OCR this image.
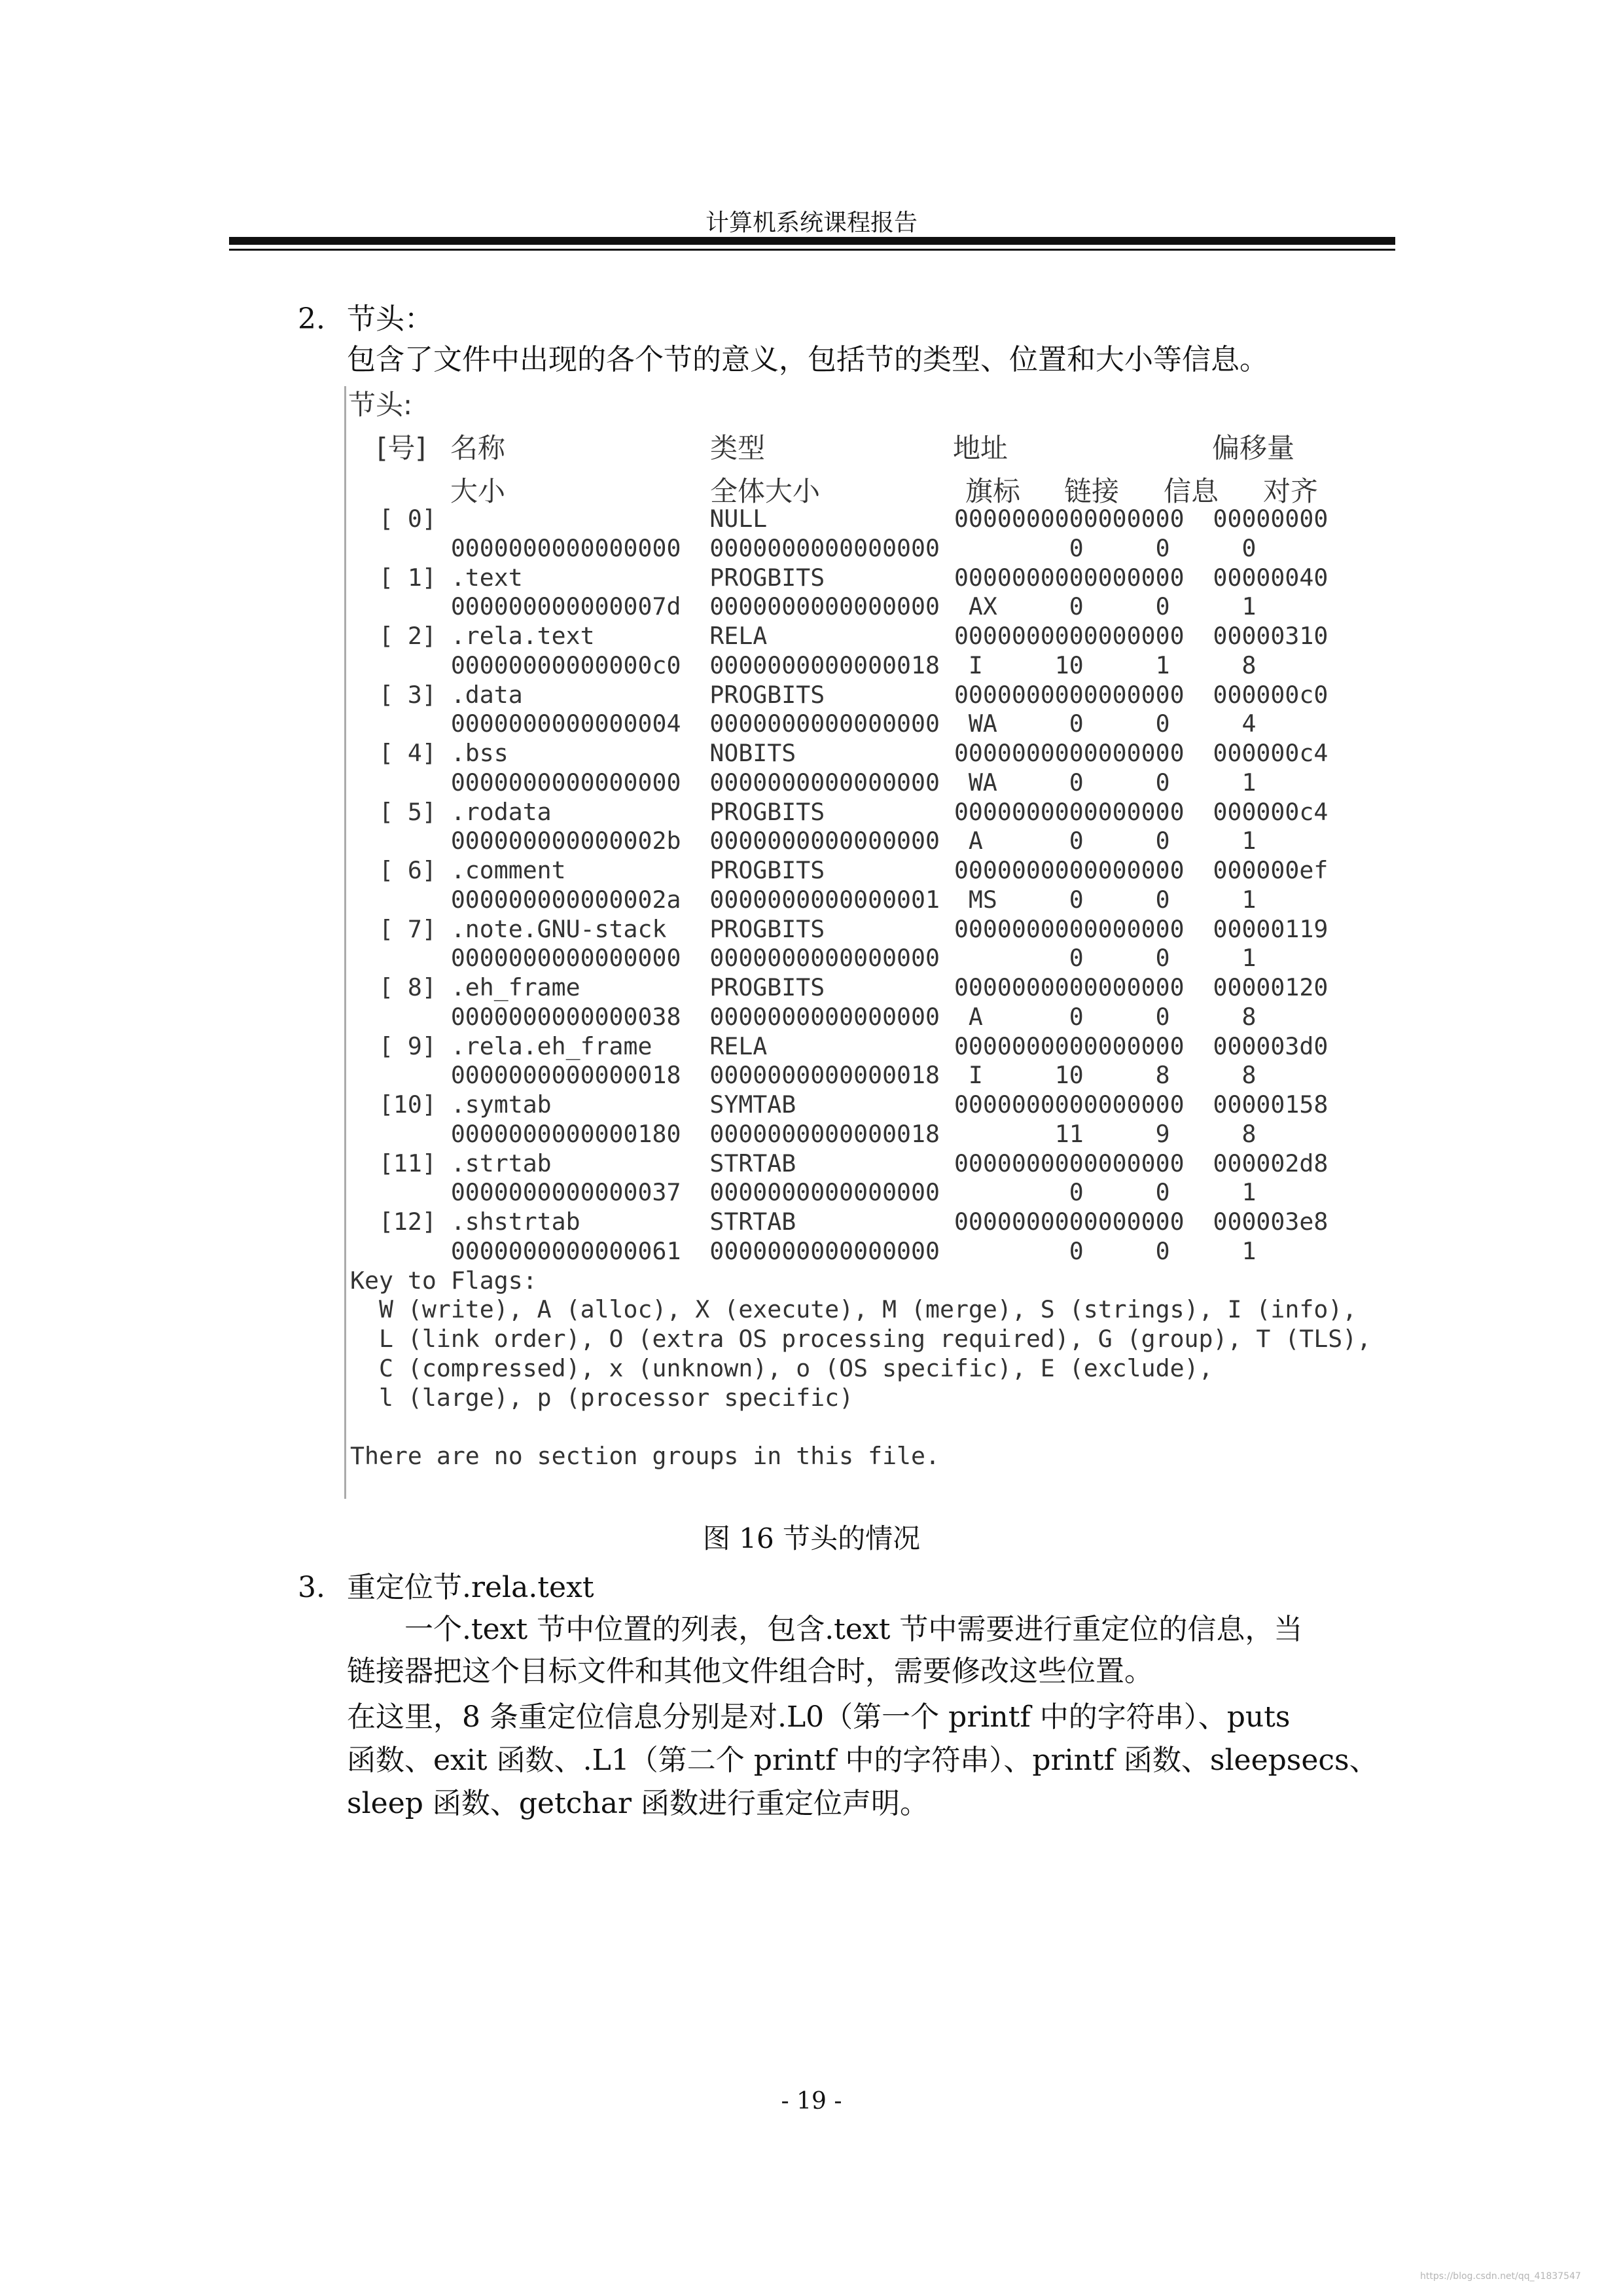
计算机系统课程报告
2. 节头：
包含了文件中出现的各个节的意义，包括节的类型、位置和大小等信息。
节头:
[号] 名称	类型	地址	偏移量
大小	全体大小	旗标 链接 信息 对齐
[ 0]                   NULL             0000000000000000  00000000
0000000000000000  0000000000000000         0     0     0
[ 1] .text             PROGBITS         0000000000000000  00000040
000000000000007d  0000000000000000  AX     0     0     1
[ 2] .rela.text        RELA             0000000000000000  00000310
00000000000000c0  0000000000000018  I     10     1     8
[ 3] .data             PROGBITS         0000000000000000  000000c0
0000000000000004  0000000000000000  WA     0     0     4
[ 4] .bss              NOBITS           0000000000000000  000000c4
0000000000000000  0000000000000000  WA     0     0     1
[ 5] .rodata           PROGBITS         0000000000000000  000000c4
000000000000002b  0000000000000000  A      0     0     1
[ 6] .comment          PROGBITS         0000000000000000  000000ef
000000000000002a  0000000000000001  MS     0     0     1
[ 7] .note.GNU-stack   PROGBITS         0000000000000000  00000119
0000000000000000  0000000000000000         0     0     1
[ 8] .eh_frame         PROGBITS         0000000000000000  00000120
0000000000000038  0000000000000000  A      0     0     8
[ 9] .rela.eh_frame    RELA             0000000000000000  000003d0
0000000000000018  0000000000000018  I     10     8     8
[10] .symtab           SYMTAB           0000000000000000  00000158
0000000000000180  0000000000000018        11     9     8
[11] .strtab           STRTAB           0000000000000000  000002d8
0000000000000037  0000000000000000         0     0     1
[12] .shstrtab         STRTAB           0000000000000000  000003e8
0000000000000061  0000000000000000         0     0     1
Key to Flags:
W (write), A (alloc), X (execute), M (merge), S (strings), I (info),
L (link order), O (extra OS processing required), G (group), T (TLS),
C (compressed), x (unknown), o (OS specific), E (exclude),
l (large), p (processor specific)
There are no section groups in this file.
图 16 节头的情况
3. 重定位节.rela.text
一个.text 节中位置的列表，包含.text 节中需要进行重定位的信息，当
链接器把这个目标文件和其他文件组合时，需要修改这些位置。
在这里，8 条重定位信息分别是对.L0（第一个 printf 中的字符串）、puts
函数、exit 函数、.L1（第二个 printf 中的字符串）、printf 函数、sleepsecs、
sleep 函数、getchar 函数进行重定位声明。
- 19 -
https://blog.csdn.net/qq_41837547
